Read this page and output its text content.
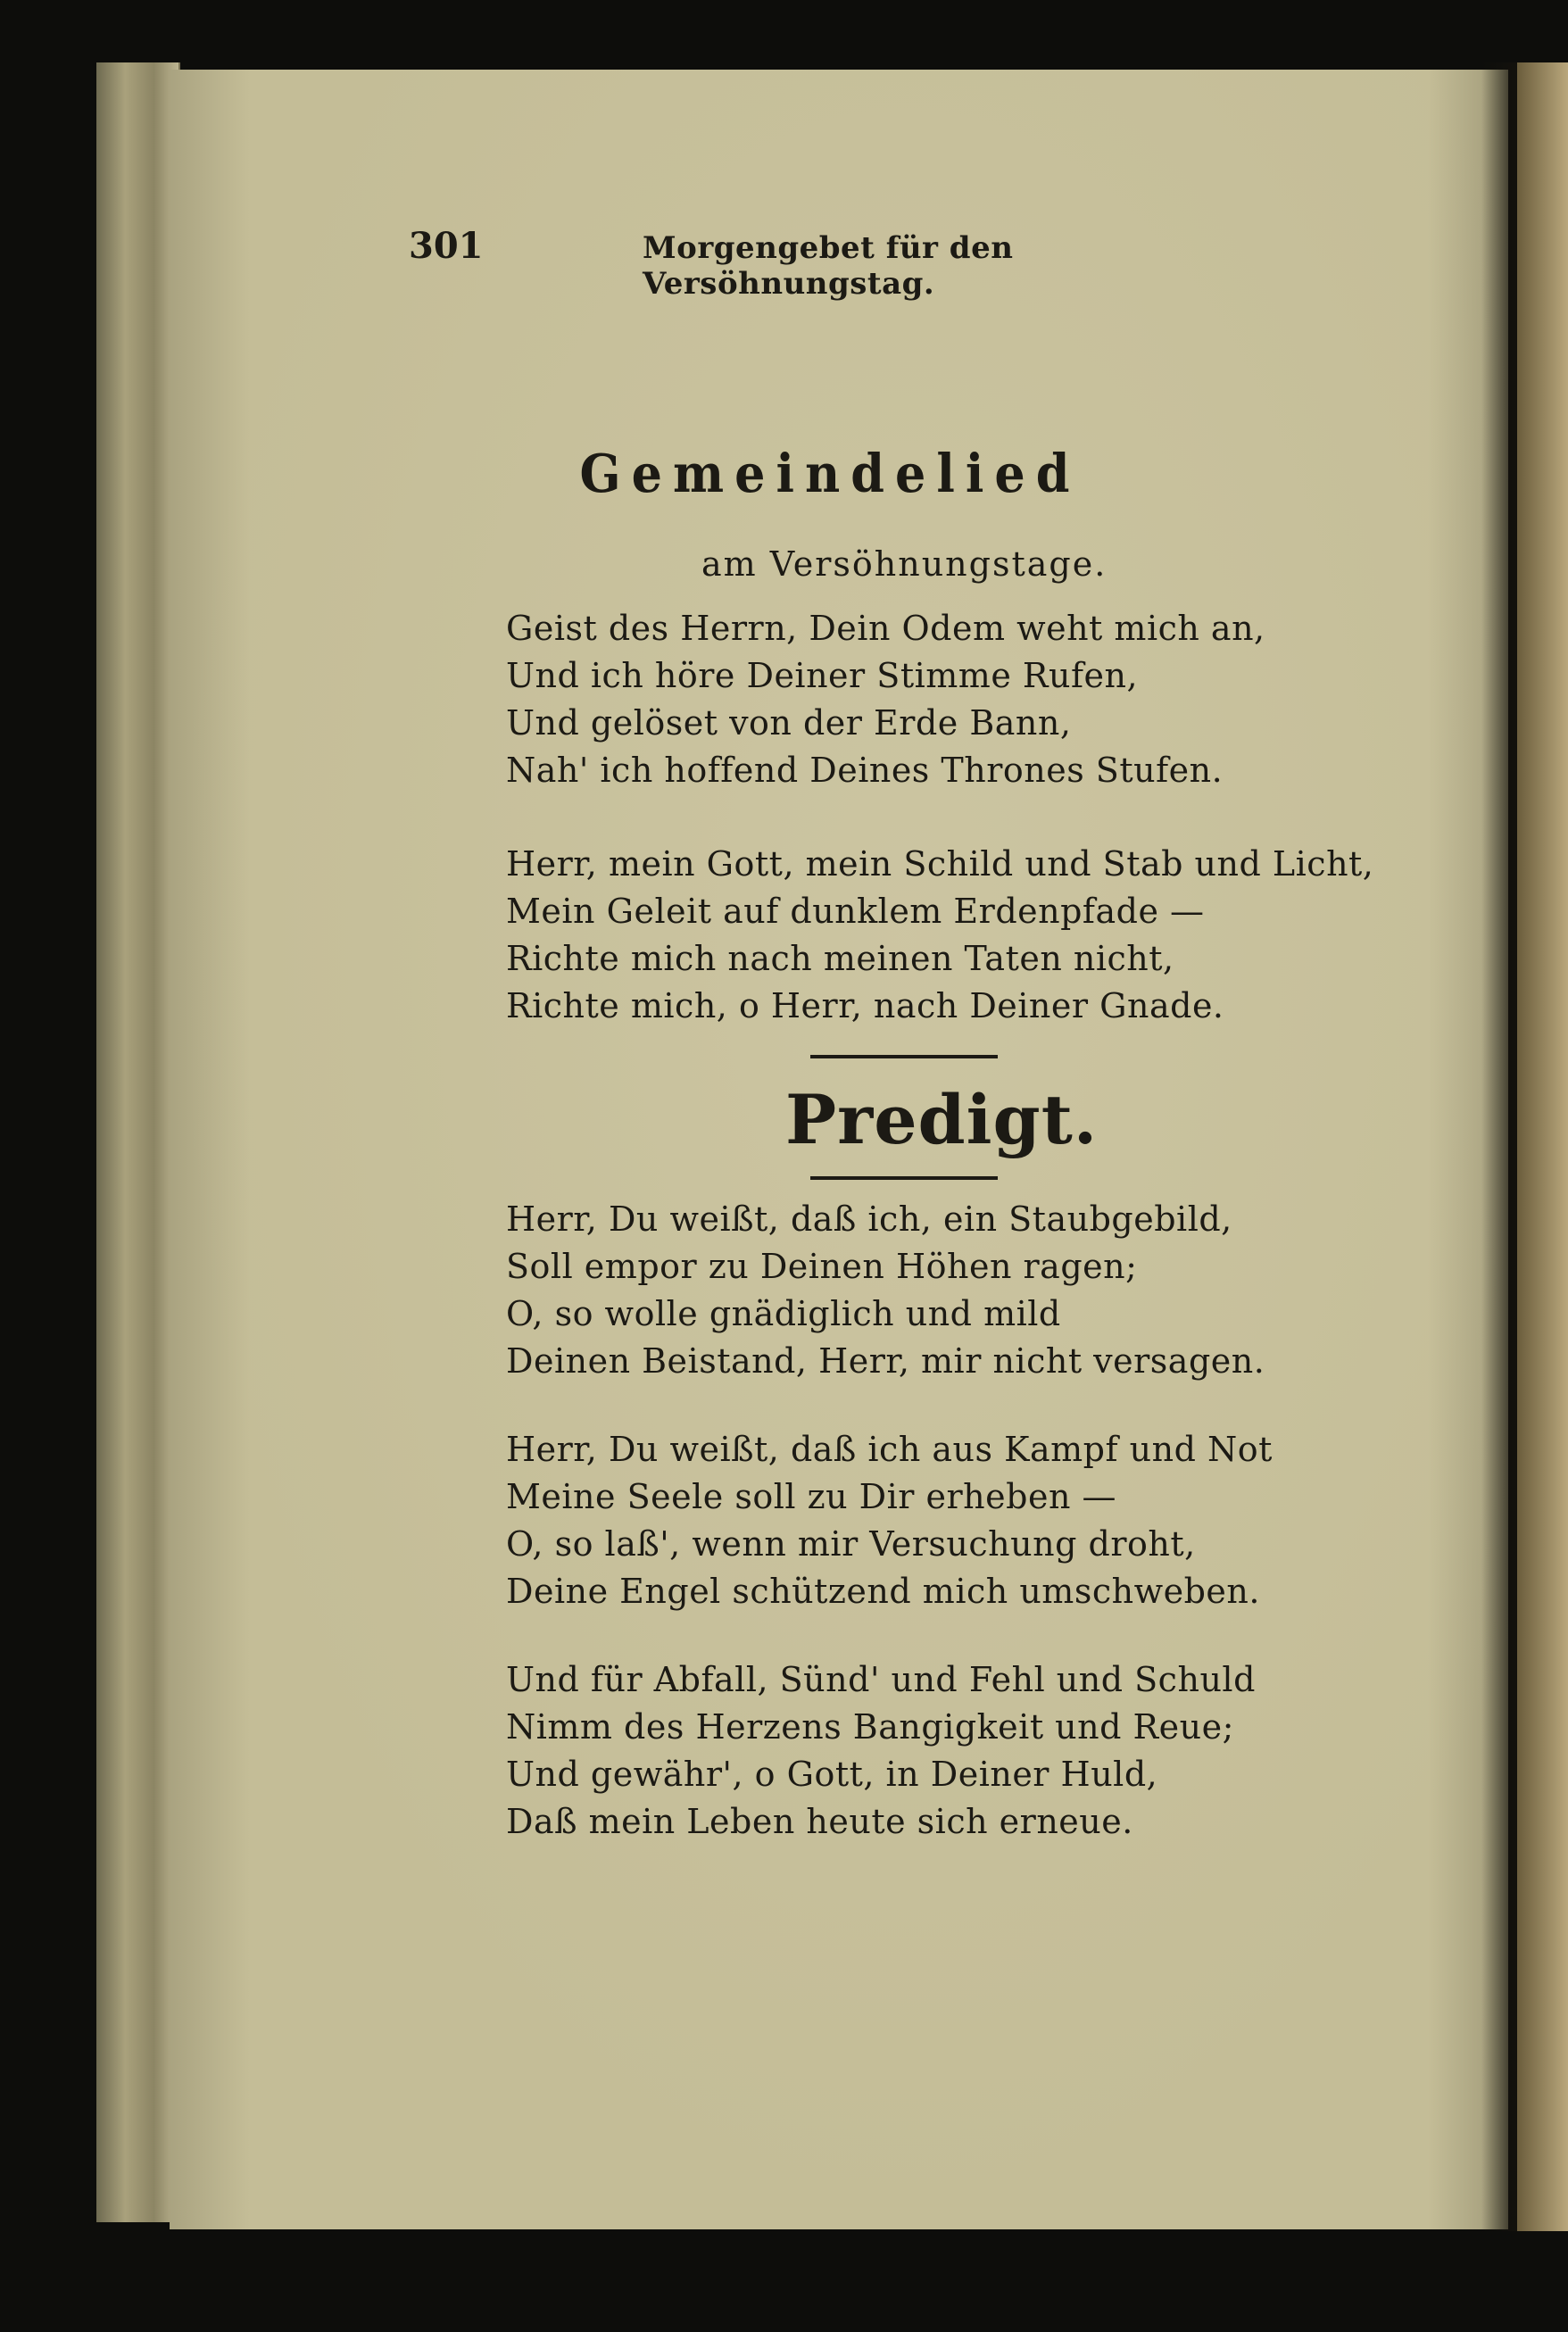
301	Morgengebet für den Versöhnungstag.
Gemeindelied
am Versöhnungstage.
Geist des Herrn, Dein Odem weht mich an,
Und ich höre Deiner Stimme Rufen,
Und gelöset von der Erde Bann,
Nah' ich hoffend Deines Thrones Stufen.
Herr, mein Gott, mein Schild und Stab und Licht,
Mein Geleit auf dunklem Erdenpfade —
Richte mich nach meinen Taten nicht,
Richte mich, o Herr, nach Deiner Gnade.
Predigt.
Herr, Du weißt, daß ich, ein Staubgebild,
Soll empor zu Deinen Höhen ragen;
O, so wolle gnädiglich und mild
Deinen Beistand, Herr, mir nicht versagen.
Herr, Du weißt, daß ich aus Kampf und Not
Meine Seele soll zu Dir erheben —
O, so laß', wenn mir Versuchung droht,
Deine Engel schützend mich umschweben.
Und für Abfall, Sünd' und Fehl und Schuld
Nimm des Herzens Bangigkeit und Reue;
Und gewähr', o Gott, in Deiner Huld,
Daß mein Leben heute sich erneue.
